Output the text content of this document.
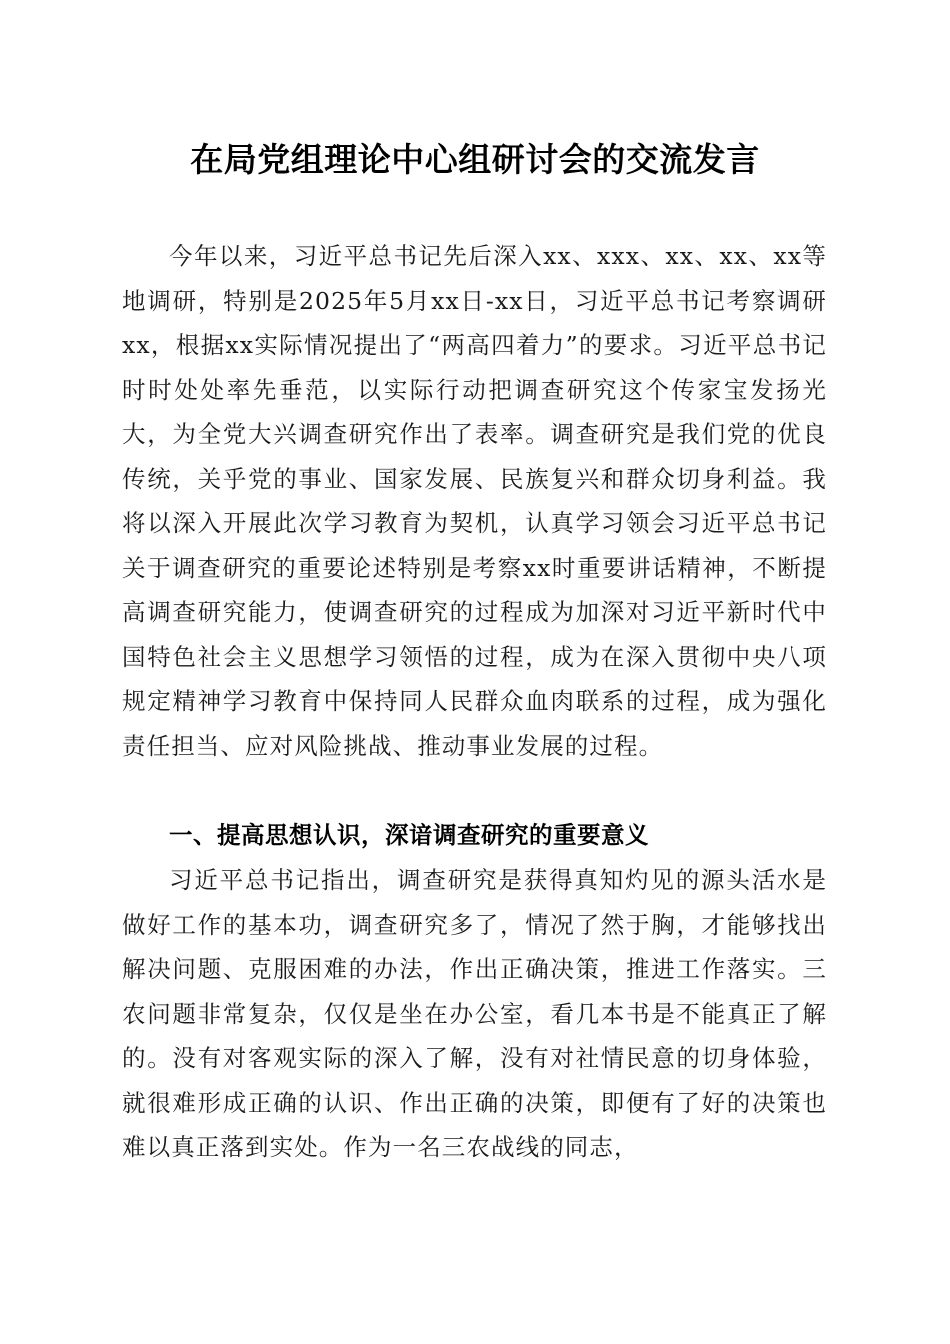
在局党组理论中心组研讨会的交流发言

今年以来，习近平总书记先后深入xx、xxx、xx、xx、xx等地调研，特别是2025年5月xx日-xx日，习近平总书记考察调研xx，根据xx实际情况提出了“两高四着力”的要求。习近平总书记时时处处率先垂范，以实际行动把调查研究这个传家宝发扬光大，为全党大兴调查研究作出了表率。调查研究是我们党的优良传统，关乎党的事业、国家发展、民族复兴和群众切身利益。我将以深入开展此次学习教育为契机，认真学习领会习近平总书记关于调查研究的重要论述特别是考察xx时重要讲话精神，不断提高调查研究能力，使调查研究的过程成为加深对习近平新时代中国特色社会主义思想学习领悟的过程，成为在深入贯彻中央八项规定精神学习教育中保持同人民群众血肉联系的过程，成为强化责任担当、应对风险挑战、推动事业发展的过程。

一、提高思想认识，深谙调查研究的重要意义

习近平总书记指出，调查研究是获得真知灼见的源头活水是做好工作的基本功，调查研究多了，情况了然于胸，才能够找出解决问题、克服困难的办法，作出正确决策，推进工作落实。三农问题非常复杂，仅仅是坐在办公室，看几本书是不能真正了解的。没有对客观实际的深入了解，没有对社情民意的切身体验，就很难形成正确的认识、作出正确的决策，即便有了好的决策也难以真正落到实处。作为一名三农战线的同志，
